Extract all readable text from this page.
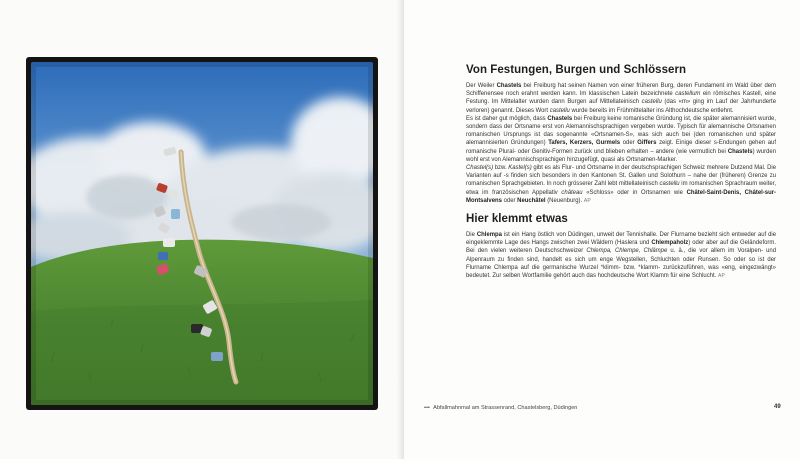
Von Festungen, Burgen und Schlössern

Der Weiler Chastels bei Freiburg hat seinen Namen von einer früheren Burg, deren Fundament im Wald über dem Schiffenensee noch erahnt werden kann. Im klassischen Latein bezeichnete castellum ein römisches Kastell, eine Festung. Im Mittelalter wurden dann Burgen auf Mittellateinisch castellu (das «m» ging im Lauf der Jahrhunderte verloren) genannt. Dieses Wort castellu wurde bereits im Frühmittelalter ins Althochdeutsche entlehnt.

Es ist daher gut möglich, dass Chastels bei Freiburg keine romanische Gründung ist, die später alemannisiert wurde, sondern dass der Ortsname erst von Alemannischsprachigen vergeben wurde. Typisch für alemannische Ortsnamen romanischen Ursprungs ist das sogenannte «Ortsnamen-S», was sich auch bei (den romanischen und später alemannisierten Gründungen) Tafers, Kerzers, Gurmels oder Giffers zeigt. Einige dieser s-Endungen gehen auf romanische Plural- oder Genitiv-Formen zurück und blieben erhalten – andere (wie vermutlich bei Chastels) wurden wohl erst von Alemannischsprachigen hinzugefügt, quasi als Ortsnamen-Marker.

Chastel(s) bzw. Kastel(s) gibt es als Flur- und Ortsname in der deutschsprachigen Schweiz mehrere Dutzend Mal. Die Varianten auf -s finden sich besonders in den Kantonen St. Gallen und Solothurn – nahe der (früheren) Grenze zu romanischen Sprachgebieten. In noch grösserer Zahl lebt mittellateinisch castellu im romanischen Sprachraum weiter, etwa im französischen Appellativ château «Schloss» oder in Ortsnamen wie Châtel-Saint-Denis, Châtel-sur-Montsalvens oder Neuchâtel (Neuenburg). AP

Hier klemmt etwas

Die Chlempa ist ein Hang östlich von Düdingen, unweit der Tennishalle. Der Flurname bezieht sich entweder auf die eingeklemmte Lage des Hangs zwischen zwei Wäldern (Haslera und Chlempaholz) oder aber auf die Geländeform. Bei den vielen weiteren Deutschschweizer Chlempa, Chlempe, Chlämpe u. ä., die vor allem im Voralpen- und Alpenraum zu finden sind, handelt es sich um enge Wegstellen, Schluchten oder Runsen. So oder so ist der Flurname Chlempa auf die germanische Wurzel *klimm- bzw. *klamm- zurückzuführen, was «eng, eingezwängt» bedeutet. Zur selben Wortfamilie gehört auch das hochdeutsche Wort Klamm für eine Schlucht. AP

••• Abfallmahnmal am Strassenrand, Chastelsberg, Düdingen	49
